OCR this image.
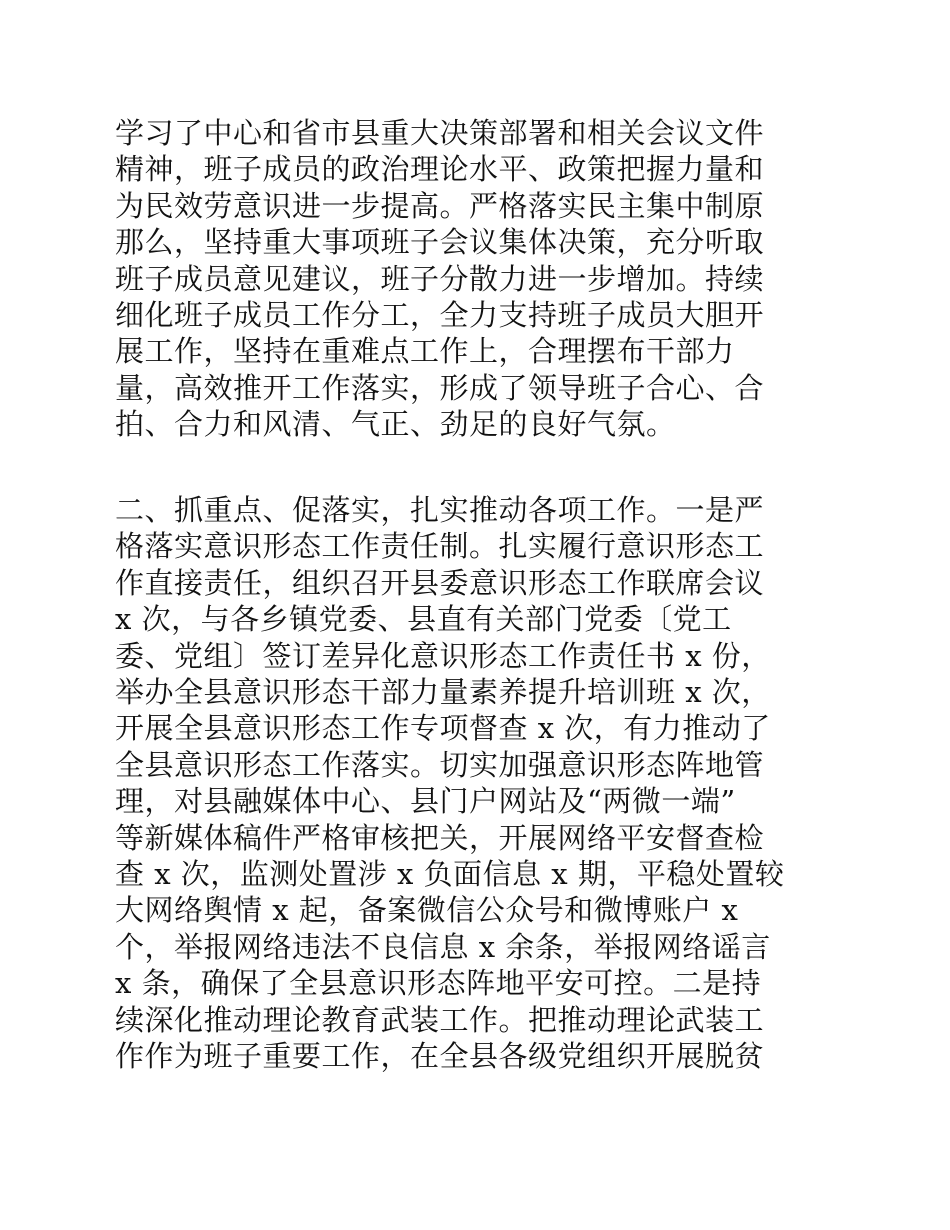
学习了中心和省市县重大决策部署和相关会议文件
精神，班子成员的政治理论水平、政策把握力量和
为民效劳意识进一步提高。严格落实民主集中制原
那么，坚持重大事项班子会议集体决策，充分听取
班子成员意见建议，班子分散力进一步增加。持续
细化班子成员工作分工，全力支持班子成员大胆开
展工作，坚持在重难点工作上，合理摆布干部力
量，高效推开工作落实，形成了领导班子合心、合
拍、合力和风清、气正、劲足的良好气氛。

二、抓重点、促落实，扎实推动各项工作。一是严
格落实意识形态工作责任制。扎实履行意识形态工
作直接责任，组织召开县委意识形态工作联席会议
x 次，与各乡镇党委、县直有关部门党委〔党工
委、党组〕签订差异化意识形态工作责任书 x 份，
举办全县意识形态干部力量素养提升培训班 x 次，
开展全县意识形态工作专项督查 x 次，有力推动了
全县意识形态工作落实。切实加强意识形态阵地管
理，对县融媒体中心、县门户网站及“两微一端”
等新媒体稿件严格审核把关，开展网络平安督查检
查 x 次，监测处置涉 x 负面信息 x 期，平稳处置较
大网络舆情 x 起，备案微信公众号和微博账户 x
个，举报网络违法不良信息 x 余条，举报网络谣言
x 条，确保了全县意识形态阵地平安可控。二是持
续深化推动理论教育武装工作。把推动理论武装工
作作为班子重要工作，在全县各级党组织开展脱贫
